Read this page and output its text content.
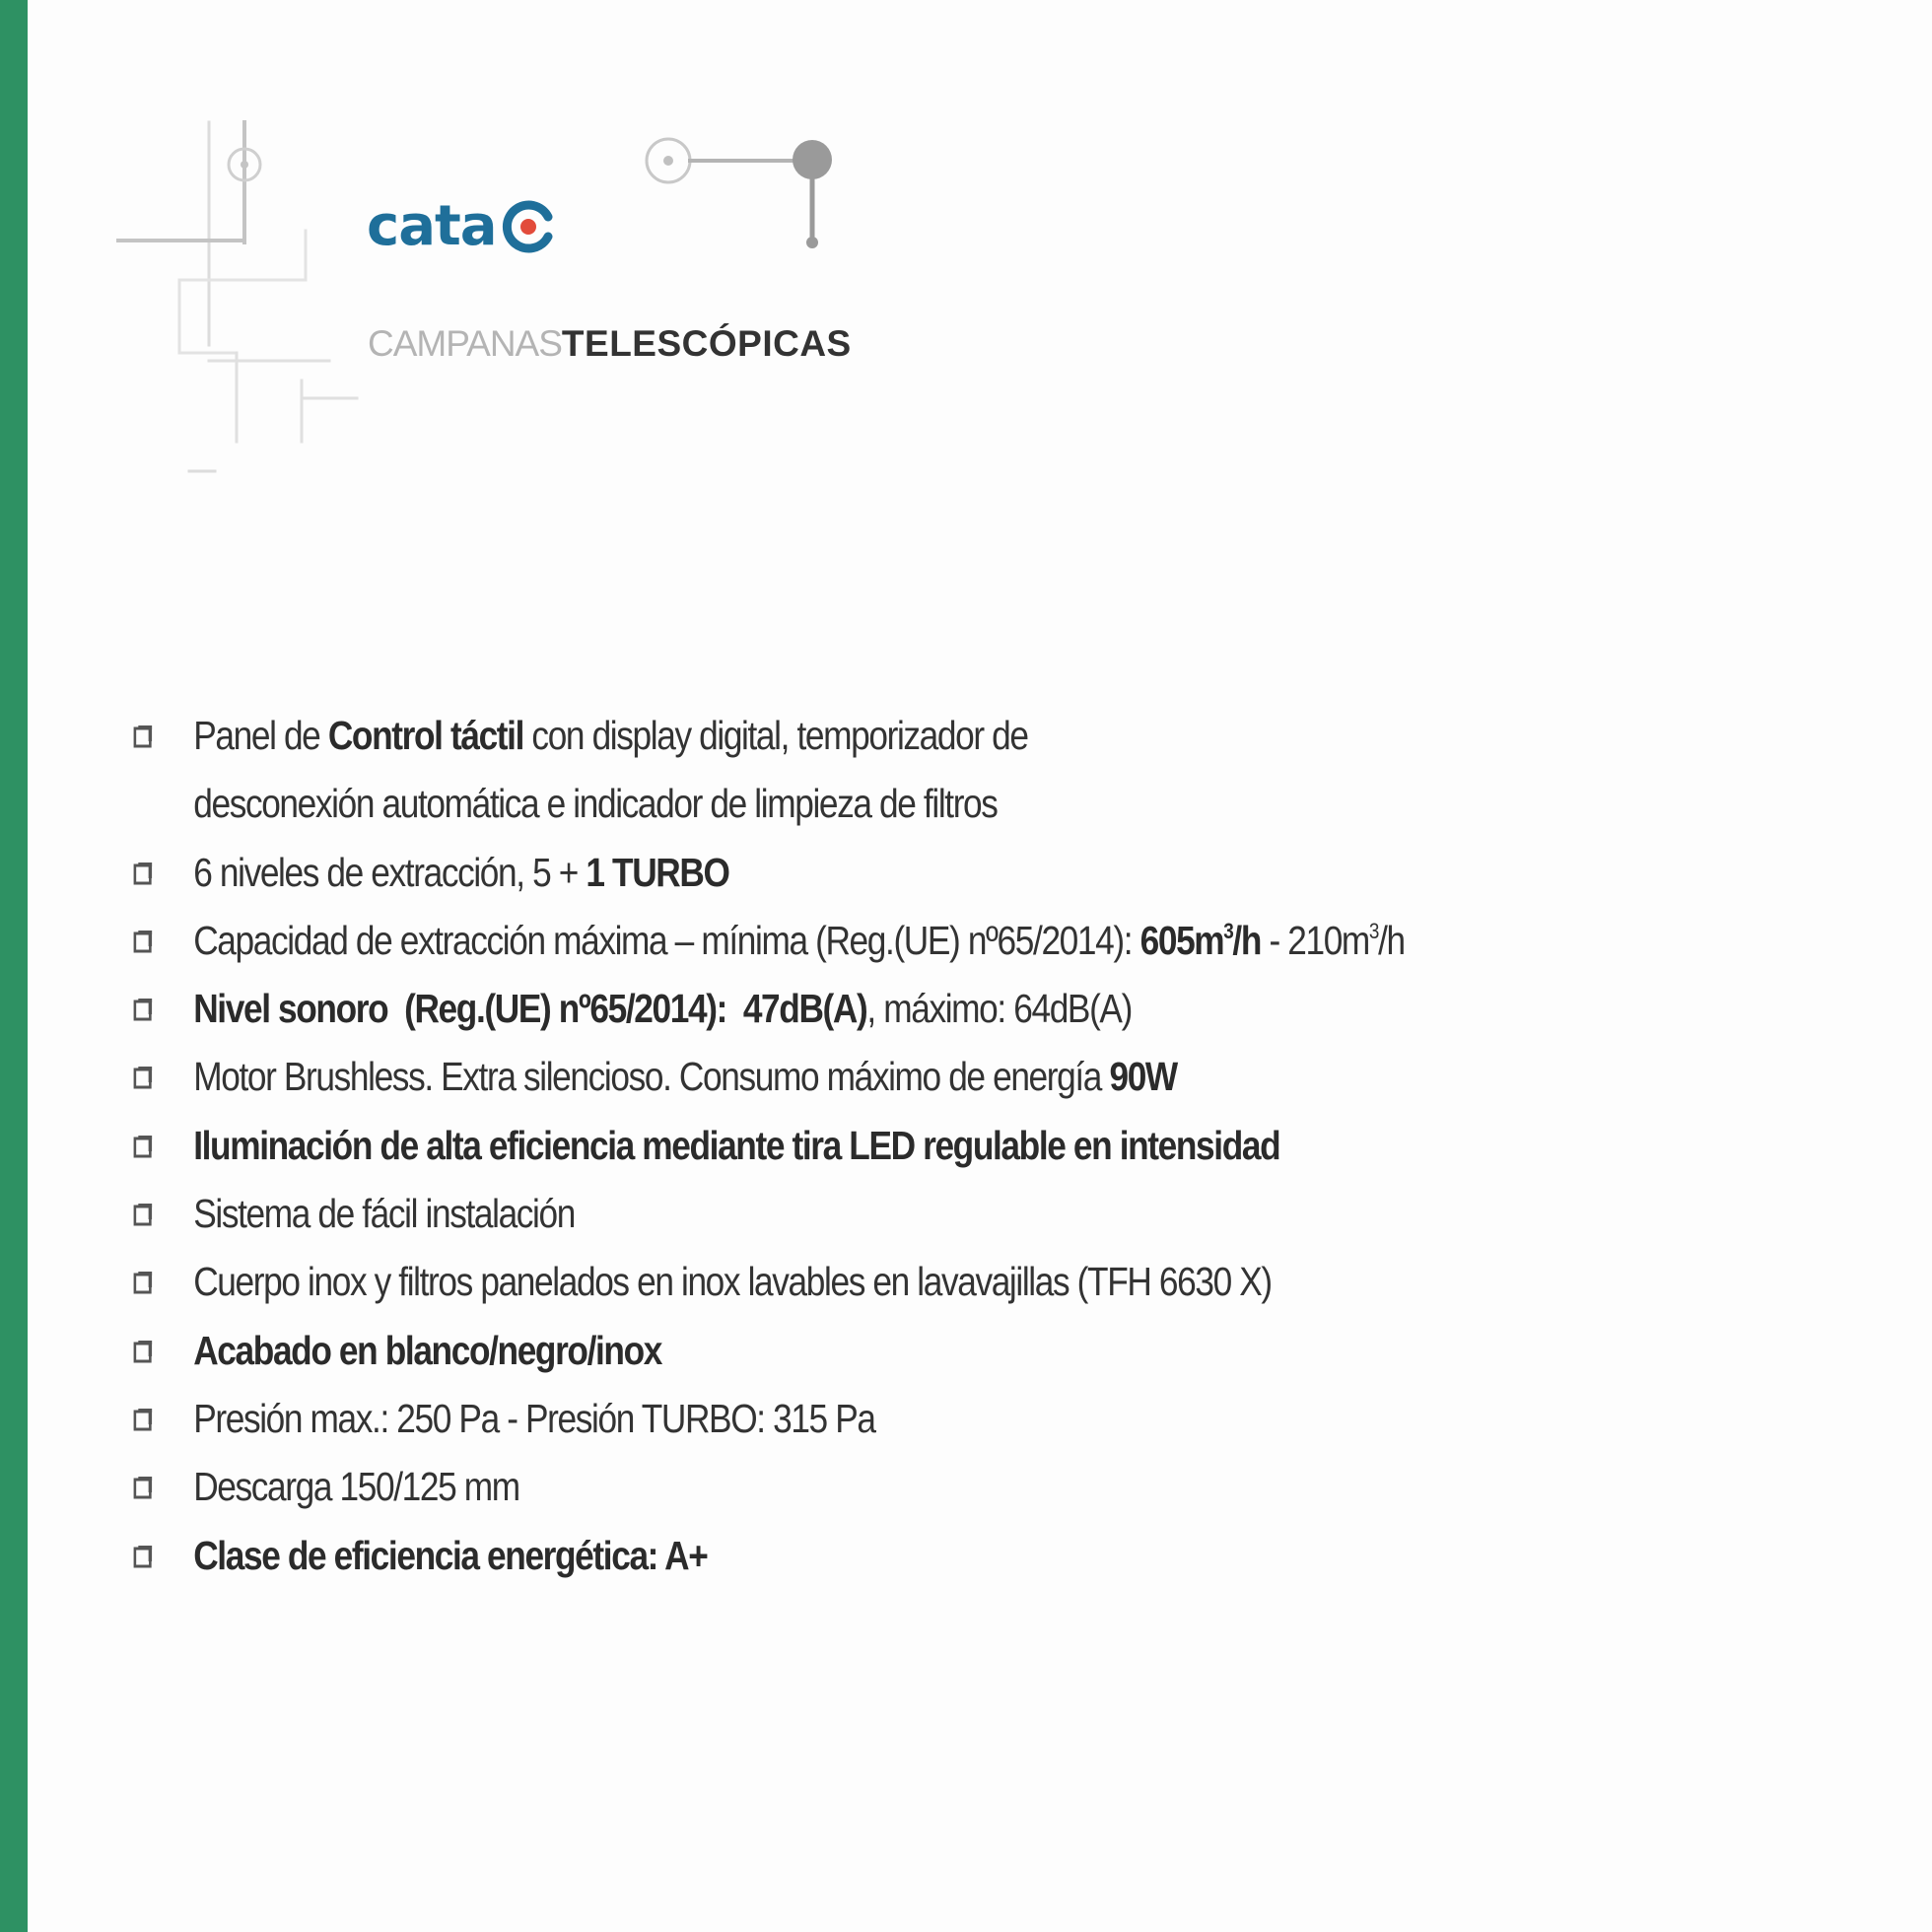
cata
CAMPANASTELESCÓPICAS
Panel de Control táctil con display digital, temporizador de
desconexión automática e indicador de limpieza de filtros
6 niveles de extracción, 5 + 1 TURBO
Capacidad de extracción máxima – mínima (Reg.(UE) nº65/2014): $605m^3/h - 210m^3/h$
Nivel sonoro  (Reg.(UE) nº65/2014):  47dB(A), máximo: 64dB(A)
Motor Brushless. Extra silencioso. Consumo máximo de energía 90W
Iluminación de alta eficiencia mediante tira LED regulable en intensidad
Sistema de fácil instalación
Cuerpo inox y filtros panelados en inox lavables en lavavajillas (TFH 6630 X)
Acabado en blanco/negro/inox
Presión max.: 250 Pa - Presión TURBO: 315 Pa
Descarga 150/125 mm
Clase de eficiencia energética: A+
